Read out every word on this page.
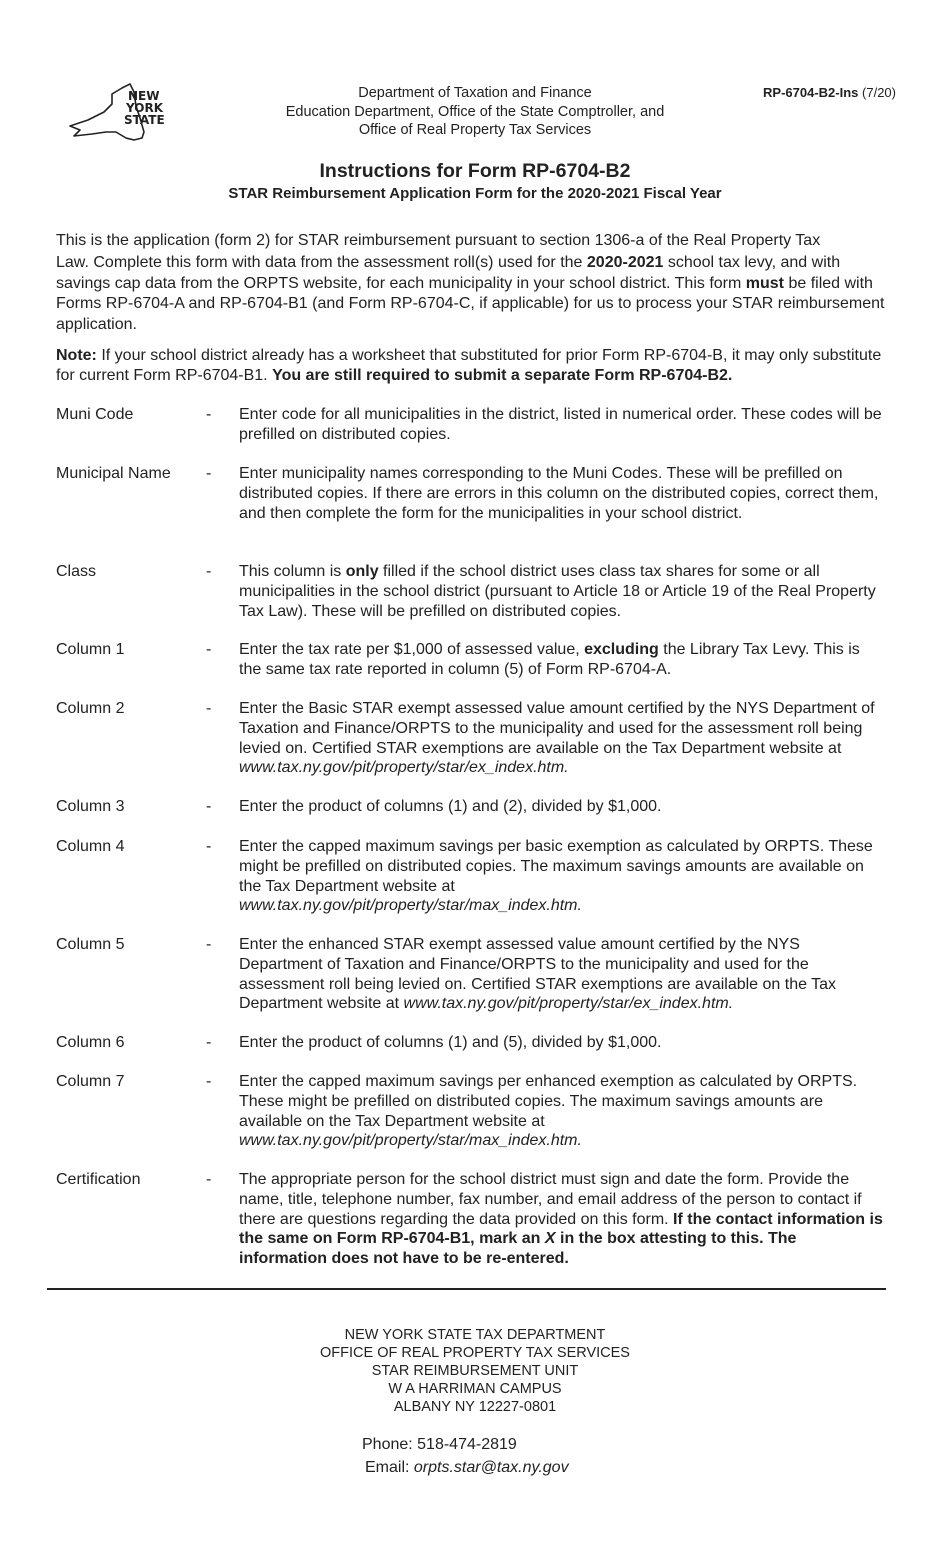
NEW
YORK
STATE
Department of Taxation and Finance
Education Department, Office of the State Comptroller, and
Office of Real Property Tax Services
RP-6704-B2-Ins (7/20)
Instructions for Form RP-6704-B2
STAR Reimbursement Application Form for the 2020-2021 Fiscal Year

This is the application (form 2) for STAR reimbursement pursuant to section 1306-a of the Real Property Tax
Law. Complete this form with data from the assessment roll(s) used for the 2020-2021 school tax levy, and with savings cap data from the ORPTS website, for each municipality in your school district. This form must be filed with Forms RP-6704-A and RP-6704-B1 (and Form RP-6704-C, if applicable) for us to process your STAR reimbursement application.

Note: If your school district already has a worksheet that substituted for prior Form RP-6704-B, it may only substitute for current Form RP-6704-B1. You are still required to submit a separate Form RP-6704-B2.

Muni Code	- Enter code for all municipalities in the district, listed in numerical order. These codes will be prefilled on distributed copies.
Municipal Name - Enter municipality names corresponding to the Muni Codes. These will be prefilled on distributed copies. If there are errors in this column on the distributed copies, correct them, and then complete the form for the municipalities in your school district.
Class	- This column is only filled if the school district uses class tax shares for some or all municipalities in the school district (pursuant to Article 18 or Article 19 of the Real Property Tax Law). These will be prefilled on distributed copies.
Column 1	- Enter the tax rate per $1,000 of assessed value, excluding the Library Tax Levy. This is the same tax rate reported in column (5) of Form RP-6704-A.
Column 2	- Enter the Basic STAR exempt assessed value amount certified by the NYS Department of Taxation and Finance/ORPTS to the municipality and used for the assessment roll being levied on. Certified STAR exemptions are available on the Tax Department website at www.tax.ny.gov/pit/property/star/ex_index.htm.
Column 3	- Enter the product of columns (1) and (2), divided by $1,000.
Column 4	- Enter the capped maximum savings per basic exemption as calculated by ORPTS. These might be prefilled on distributed copies. The maximum savings amounts are available on the Tax Department website at
www.tax.ny.gov/pit/property/star/max_index.htm.
Column 5	- Enter the enhanced STAR exempt assessed value amount certified by the NYS Department of Taxation and Finance/ORPTS to the municipality and used for the assessment roll being levied on. Certified STAR exemptions are available on the Tax Department website at www.tax.ny.gov/pit/property/star/ex_index.htm.
Column 6	- Enter the product of columns (1) and (5), divided by $1,000.
Column 7	- Enter the capped maximum savings per enhanced exemption as calculated by ORPTS. These might be prefilled on distributed copies. The maximum savings amounts are available on the Tax Department website at
www.tax.ny.gov/pit/property/star/max_index.htm.
Certification	- The appropriate person for the school district must sign and date the form. Provide the name, title, telephone number, fax number, and email address of the person to contact if there are questions regarding the data provided on this form. If the contact information is the same on Form RP-6704-B1, mark an X in the box attesting to this. The information does not have to be re-entered.
NEW YORK STATE TAX DEPARTMENT
OFFICE OF REAL PROPERTY TAX SERVICES
STAR REIMBURSEMENT UNIT
W A HARRIMAN CAMPUS
ALBANY NY 12227-0801
Phone: 518-474-2819
Email: orpts.star@tax.ny.gov
